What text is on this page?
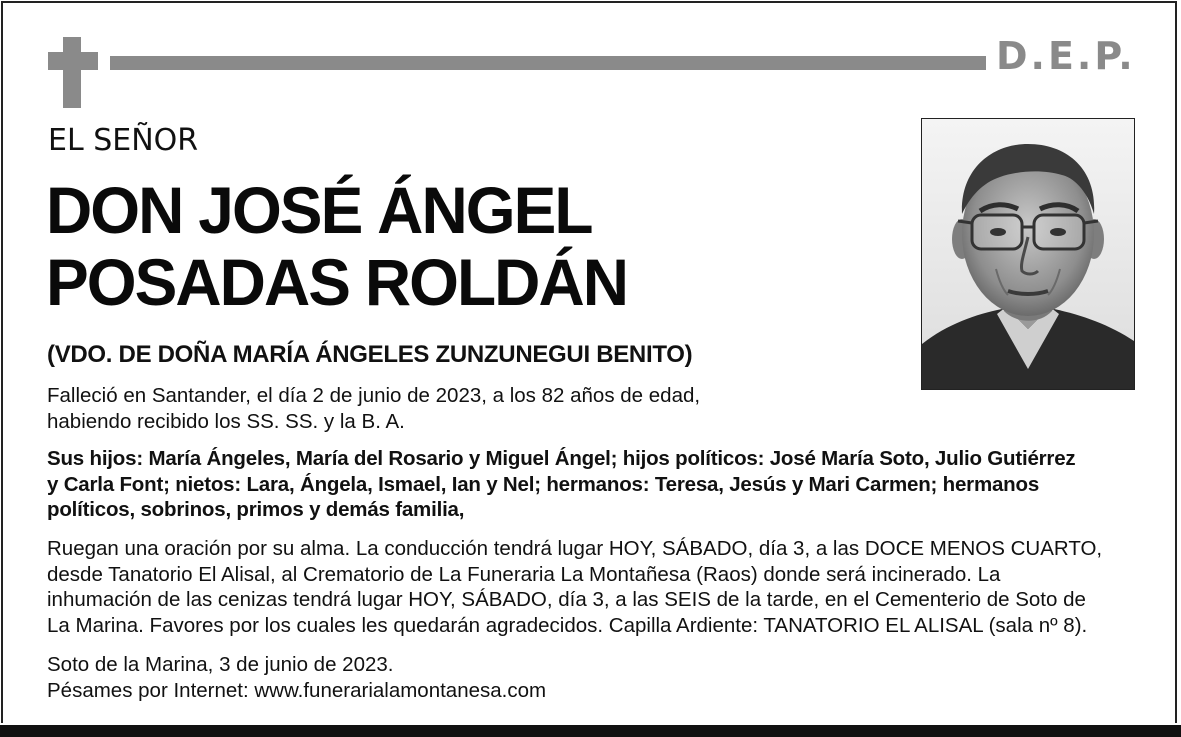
D.E.P.
EL SEÑOR
DON JOSÉ ÁNGEL
POSADAS ROLDÁN
(VDO. DE DOÑA MARÍA ÁNGELES ZUNZUNEGUI BENITO)
Falleció en Santander, el día 2 de junio de 2023, a los 82 años de edad,
habiendo recibido los SS. SS. y la B. A.
Sus hijos: María Ángeles, María del Rosario y Miguel Ángel; hijos políticos: José María Soto, Julio Gutiérrez
y Carla Font; nietos: Lara, Ángela, Ismael, Ian y Nel; hermanos: Teresa, Jesús y Mari Carmen; hermanos
políticos, sobrinos, primos y demás familia,
Ruegan una oración por su alma. La conducción tendrá lugar HOY, SÁBADO, día 3, a las DOCE MENOS CUARTO,
desde Tanatorio El Alisal, al Crematorio de La Funeraria La Montañesa (Raos) donde será incinerado. La
inhumación de las cenizas tendrá lugar HOY, SÁBADO, día 3, a las SEIS de la tarde, en el Cementerio de Soto de
La Marina. Favores por los cuales les quedarán agradecidos. Capilla Ardiente: TANATORIO EL ALISAL (sala nº 8).
Soto de la Marina, 3 de junio de 2023.
Pésames por Internet: www.funerarialamontanesa.com
